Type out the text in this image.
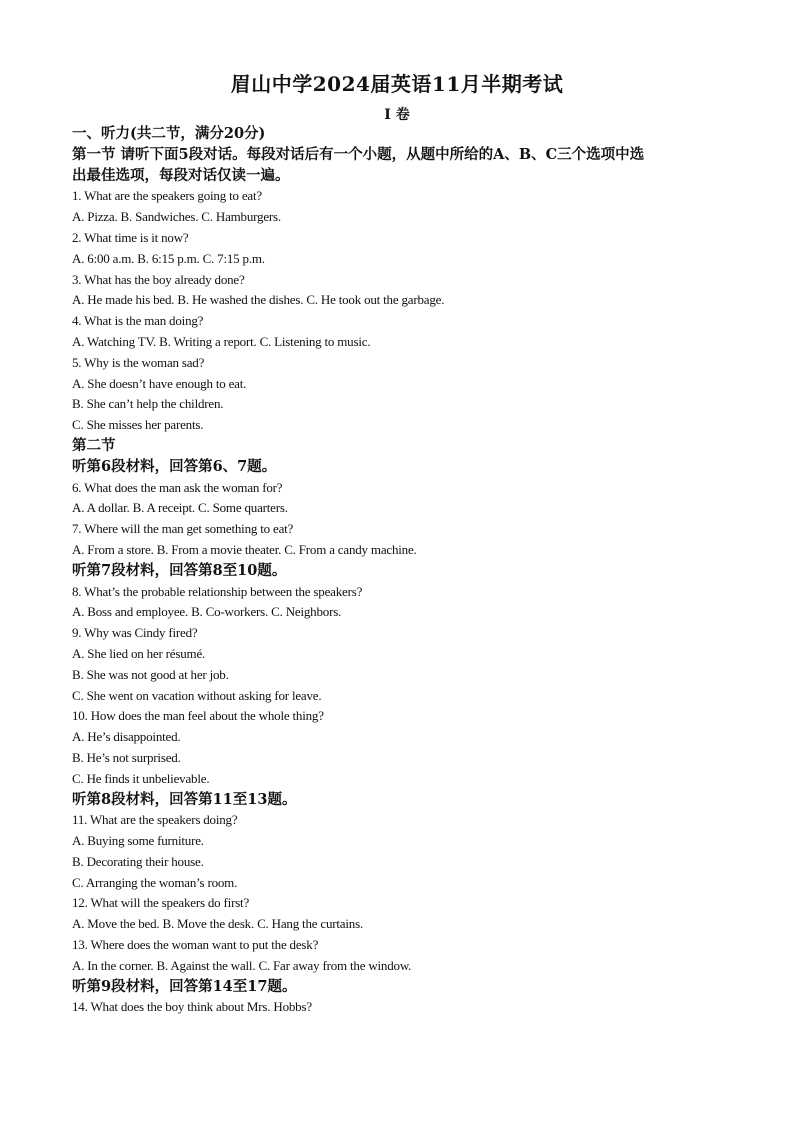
眉山中学2024届英语11月半期考试
I 卷
一、听力(共二节，满分20分)
第一节 请听下面5段对话。每段对话后有一个小题，从题中所给的A、B、C三个选项中选
出最佳选项，每段对话仅读一遍。
1. What are the speakers going to eat?
A. Pizza. B. Sandwiches. C. Hamburgers.
2. What time is it now?
A. 6:00 a.m. B. 6:15 p.m. C. 7:15 p.m.
3. What has the boy already done?
A. He made his bed. B. He washed the dishes. C. He took out the garbage.
4. What is the man doing?
A. Watching TV. B. Writing a report. C. Listening to music.
5. Why is the woman sad?
A. She doesn’t have enough to eat.
B. She can’t help the children.
C. She misses her parents.
第二节
听第6段材料，回答第6、7题。
6. What does the man ask the woman for?
A. A dollar. B. A receipt. C. Some quarters.
7. Where will the man get something to eat?
A. From a store. B. From a movie theater. C. From a candy machine.
听第7段材料，回答第8至10题。
8. What’s the probable relationship between the speakers?
A. Boss and employee. B. Co-workers. C. Neighbors.
9. Why was Cindy fired?
A. She lied on her résumé.
B. She was not good at her job.
C. She went on vacation without asking for leave.
10. How does the man feel about the whole thing?
A. He’s disappointed.
B. He’s not surprised.
C. He finds it unbelievable.
听第8段材料，回答第11至13题。
11. What are the speakers doing?
A. Buying some furniture.
B. Decorating their house.
C. Arranging the woman’s room.
12. What will the speakers do first?
A. Move the bed. B. Move the desk. C. Hang the curtains.
13. Where does the woman want to put the desk?
A. In the corner. B. Against the wall. C. Far away from the window.
听第9段材料，回答第14至17题。
14. What does the boy think about Mrs. Hobbs?
